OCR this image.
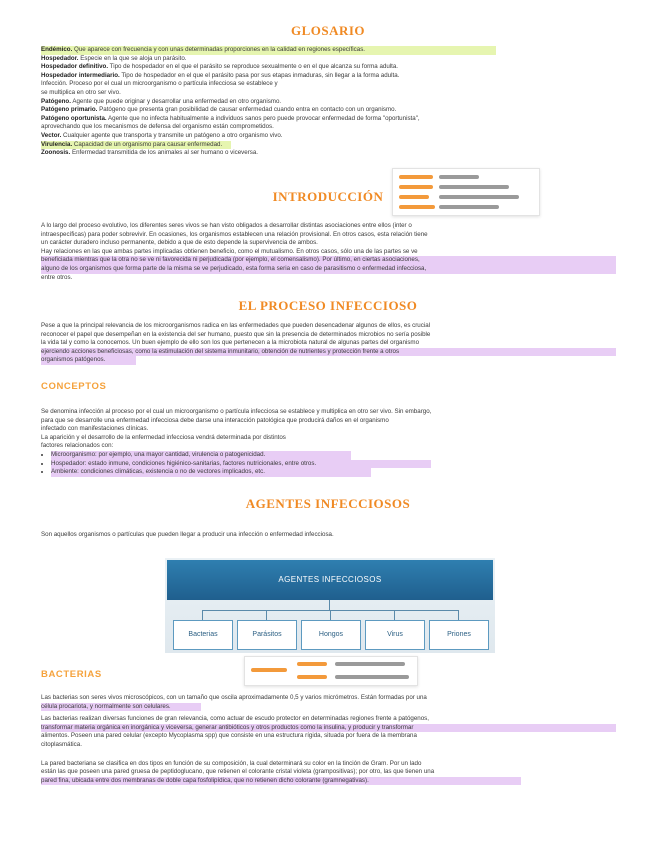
GLOSARIO
Endémico. Que aparece con frecuencia y con unas determinadas proporciones en la calidad en regiones específicas.
Hospedador. Especie en la que se aloja un parásito.
Hospedador definitivo. Tipo de hospedador en el que el parásito se reproduce sexualmente o en el que alcanza su forma adulta.
Hospedador intermediario. Tipo de hospedador en el que el parásito pasa por sus etapas inmaduras, sin llegar a la forma adulta.
Infección. Proceso por el cual un microorganismo o partícula infecciosa se establece y
se multiplica en otro ser vivo.
Patógeno. Agente que puede originar y desarrollar una enfermedad en otro organismo.
Patógeno primario. Patógeno que presenta gran posibilidad de causar enfermedad cuando entra en contacto con un organismo.
Patógeno oportunista. Agente que no infecta habitualmente a individuos sanos pero puede provocar enfermedad de forma "oportunista",
aprovechando que los mecanismos de defensa del organismo están comprometidos.
Vector. Cualquier agente que transporta y transmite un patógeno a otro organismo vivo.
Virulencia. Capacidad de un organismo para causar enfermedad.
Zoonosis. Enfermedad transmitida de los animales al ser humano o viceversa.
INTRODUCCIÓN
A lo largo del proceso evolutivo, los diferentes seres vivos se han visto obligados a desarrollar distintas asociaciones entre ellos (inter o
intraespecíficas) para poder sobrevivir. En ocasiones, los organismos establecen una relación provisional. En otros casos, esta relación tiene
un carácter duradero incluso permanente, debido a que de esto depende la supervivencia de ambos.
Hay relaciones en las que ambas partes implicadas obtienen beneficio, como el mutualismo. En otros casos, sólo una de las partes se ve
beneficiada mientras que la otra no se ve ni favorecida ni perjudicada (por ejemplo, el comensalismo). Por último, en ciertas asociaciones,
alguno de los organismos que forma parte de la misma se ve perjudicado, esta forma seria en caso de parasitismo o enfermedad infecciosa,
entre otros.
EL PROCESO INFECCIOSO
Pese a que la principal relevancia de los microorganismos radica en las enfermedades que pueden desencadenar algunos de ellos, es crucial
reconocer el papel que desempeñan en la existencia del ser humano, puesto que sin la presencia de determinados microbios no sería posible
la vida tal y como la conocemos. Un buen ejemplo de ello son los que pertenecen a la microbiota natural de algunas partes del organismo
ejerciendo acciones beneficiosas, como la estimulación del sistema inmunitario, obtención de nutrientes y protección frente a otros
organismos patógenos.
CONCEPTOS
Se denomina infección al proceso por el cual un microorganismo o partícula infecciosa se establece y multiplica en otro ser vivo. Sin embargo,
para que se desarrolle una enfermedad infecciosa debe darse una interacción patológica que producirá daños en el organismo
infectado con manifestaciones clínicas.
La aparición y el desarrollo de la enfermedad infecciosa vendrá determinada por distintos
factores relacionados con:
• Microorganismo: por ejemplo, una mayor cantidad, virulencia o patogenicidad.
• Hospedador: estado inmune, condiciones higiénico-sanitarias, factores nutricionales, entre otros.
• Ambiente: condiciones climáticas, existencia o no de vectores implicados, etc.
AGENTES INFECCIOSOS
Son aquellos organismos o partículas que pueden llegar a producir una infección o enfermedad infecciosa.
AGENTES INFECCIOSOS
Bacterias	Parásitos	Hongos	Virus	Priones
BACTERIAS
Las bacterias son seres vivos microscópicos, con un tamaño que oscila aproximadamente 0,5 y varios micrómetros. Están formadas por una
célula procariota, y normalmente son celulares.
Las bacterias realizan diversas funciones de gran relevancia, como actuar de escudo protector en determinadas regiones frente a patógenos,
transformar materia orgánica en inorgánica y viceversa, generar antibióticos y otros productos como la insulina, y producir y transformar
alimentos. Poseen una pared celular (excepto Mycoplasma spp) que consiste en una estructura rígida, situada por fuera de la membrana
citoplasmática.
La pared bacteriana se clasifica en dos tipos en función de su composición, la cual determinará su color en la tinción de Gram. Por un lado
están las que poseen una pared gruesa de peptidoglucano, que retienen el colorante cristal violeta (grampositivas); por otro, las que tienen una
pared fina, ubicada entre dos membranas de doble capa fosfolipídica, que no retienen dicho colorante (gramnegativas).
